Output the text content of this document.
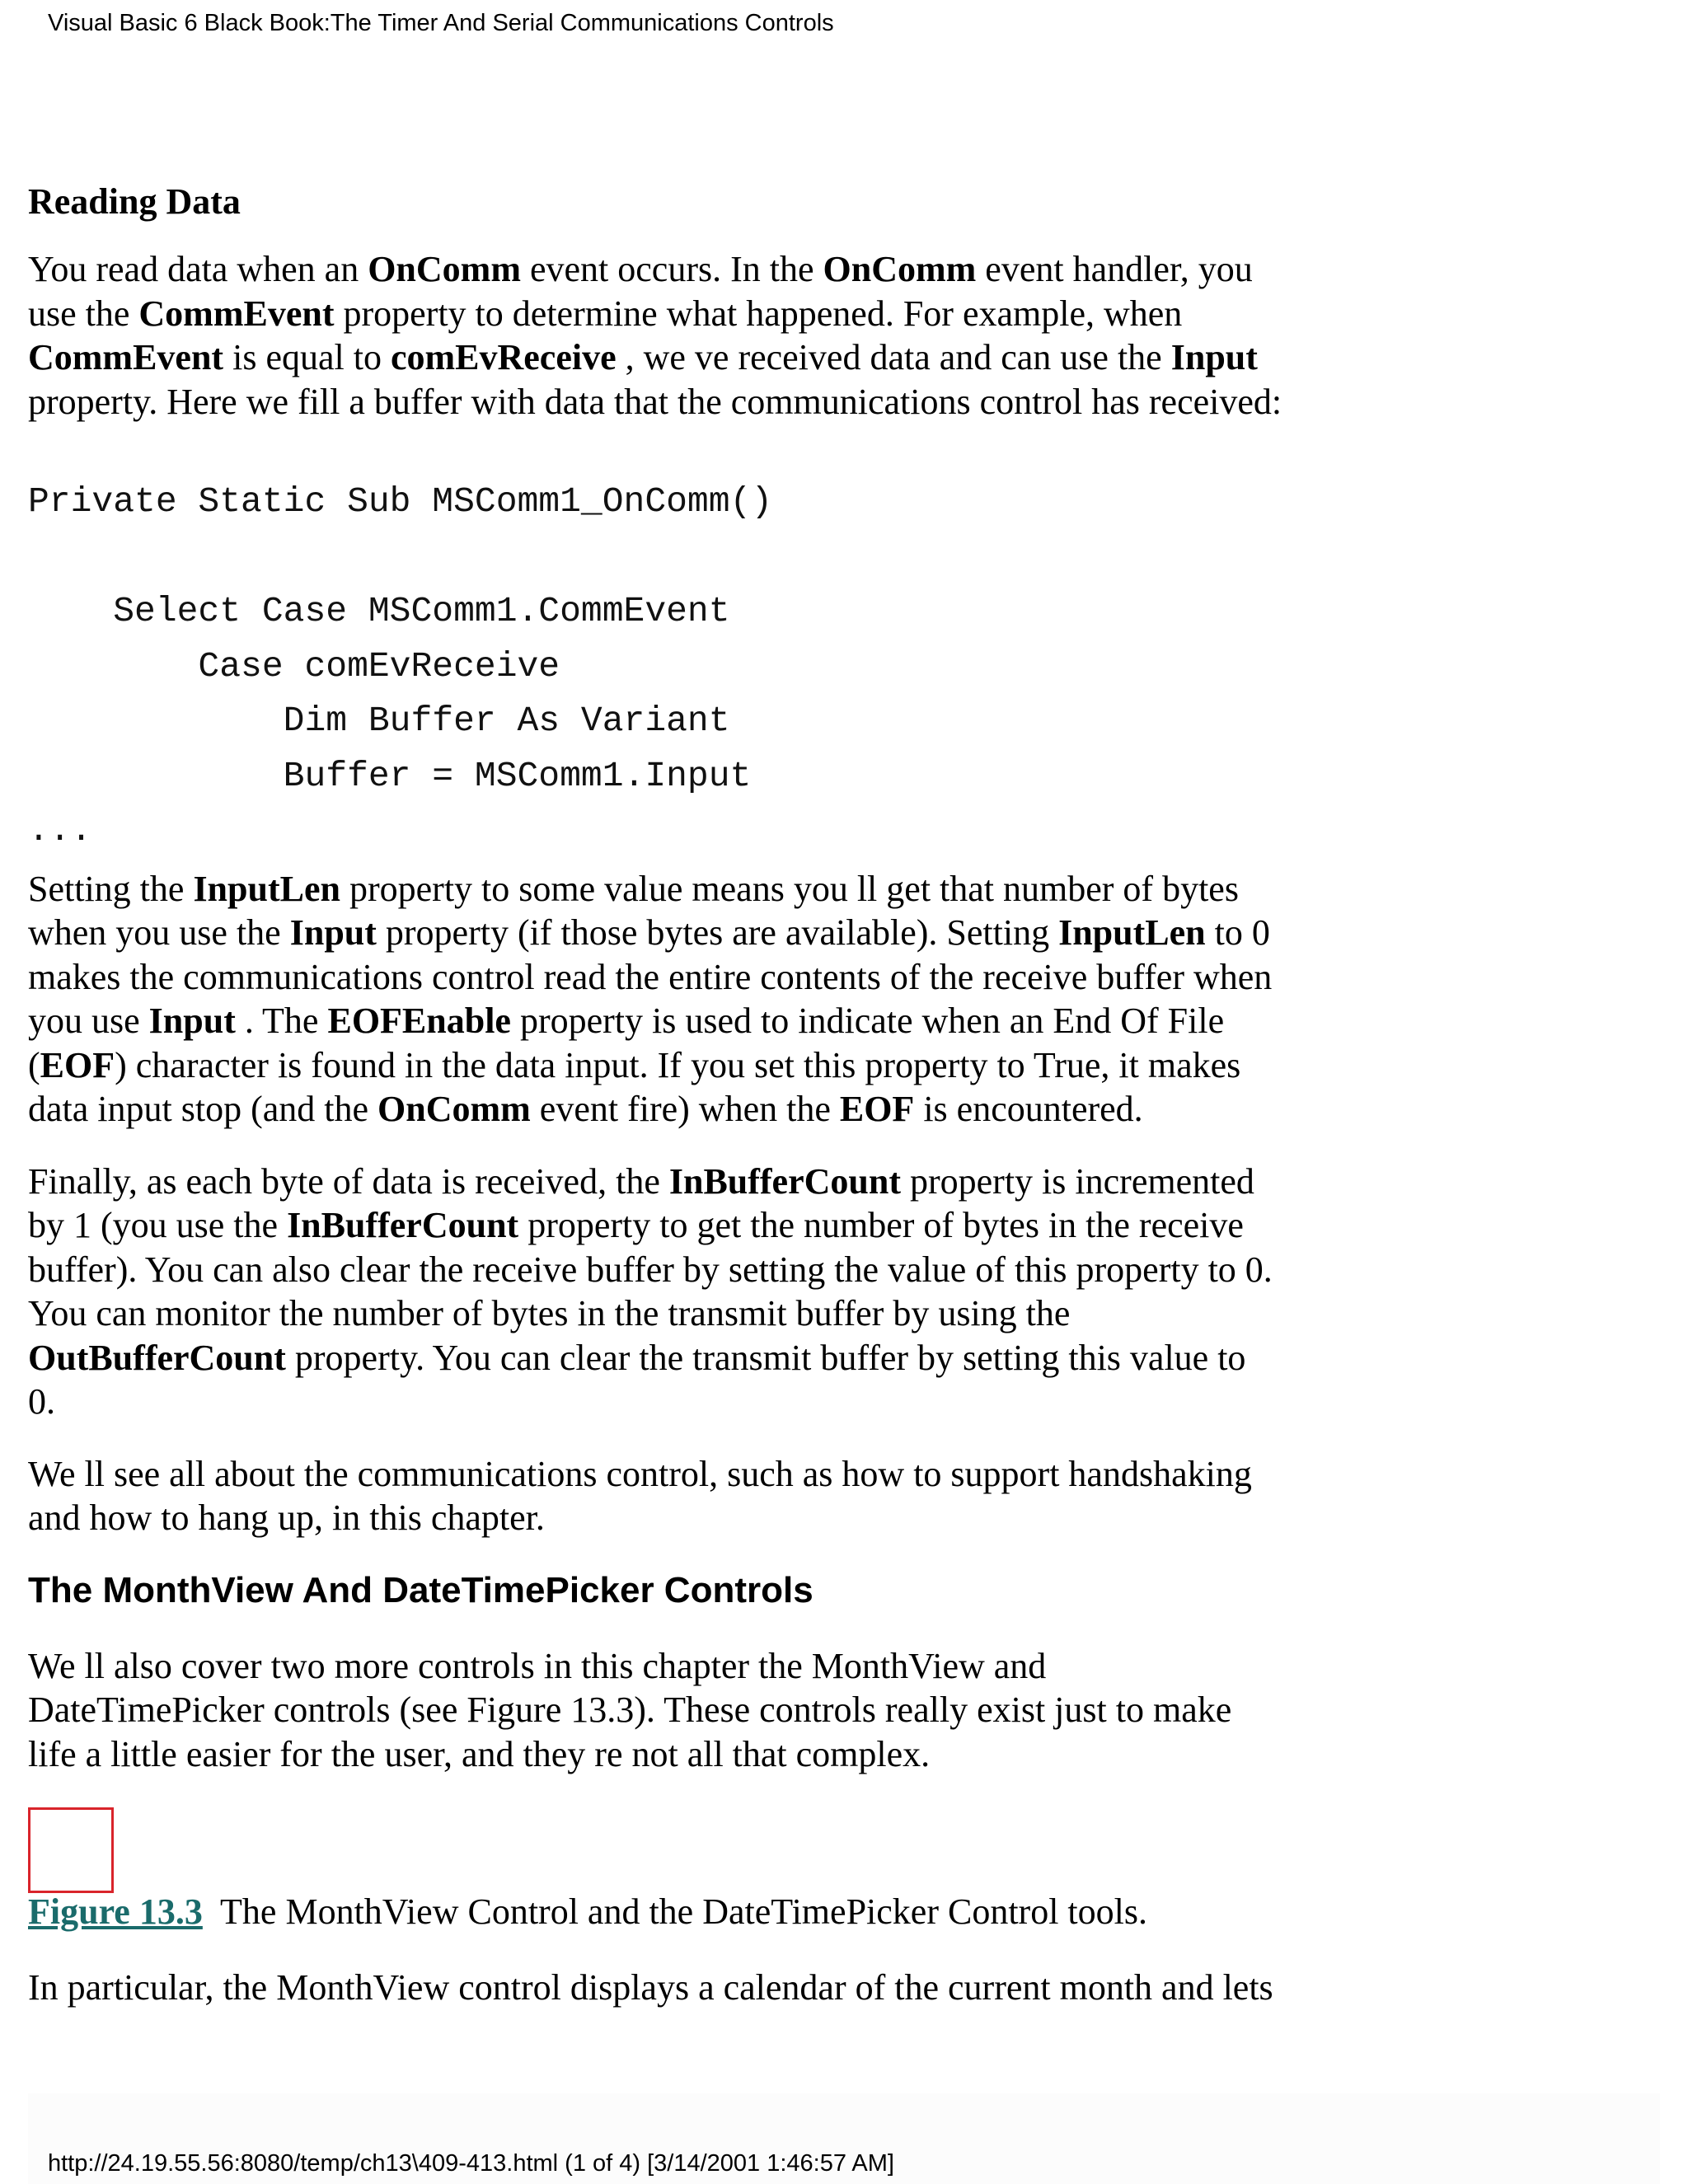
Visual Basic 6 Black Book:The Timer And Serial Communications Controls
Reading Data

You read data when an OnComm event occurs. In the OnComm event handler, you
use the CommEvent property to determine what happened. For example, when
CommEvent is equal to comEvReceive , we ve received data and can use the Input
property. Here we fill a buffer with data that the communications control has received:

Private Static Sub MSComm1_OnComm()

Select Case MSComm1.CommEvent
Case comEvReceive
Dim Buffer As Variant
Buffer = MSComm1.Input
...

Setting the InputLen property to some value means you ll get that number of bytes
when you use the Input property (if those bytes are available). Setting InputLen to 0
makes the communications control read the entire contents of the receive buffer when
you use Input . The EOFEnable property is used to indicate when an End Of File
(EOF) character is found in the data input. If you set this property to True, it makes
data input stop (and the OnComm event fire) when the EOF is encountered.

Finally, as each byte of data is received, the InBufferCount property is incremented
by 1 (you use the InBufferCount property to get the number of bytes in the receive
buffer). You can also clear the receive buffer by setting the value of this property to 0.
You can monitor the number of bytes in the transmit buffer by using the
OutBufferCount property. You can clear the transmit buffer by setting this value to
0.

We ll see all about the communications control, such as how to support handshaking
and how to hang up, in this chapter.

The MonthView And DateTimePicker Controls

We ll also cover two more controls in this chapter the MonthView and
DateTimePicker controls (see Figure 13.3). These controls really exist just to make
life a little easier for the user, and they re not all that complex.

Figure 13.3  The MonthView Control and the DateTimePicker Control tools.

In particular, the MonthView control displays a calendar of the current month and lets

http://24.19.55.56:8080/temp/ch13\409-413.html (1 of 4) [3/14/2001 1:46:57 AM]
